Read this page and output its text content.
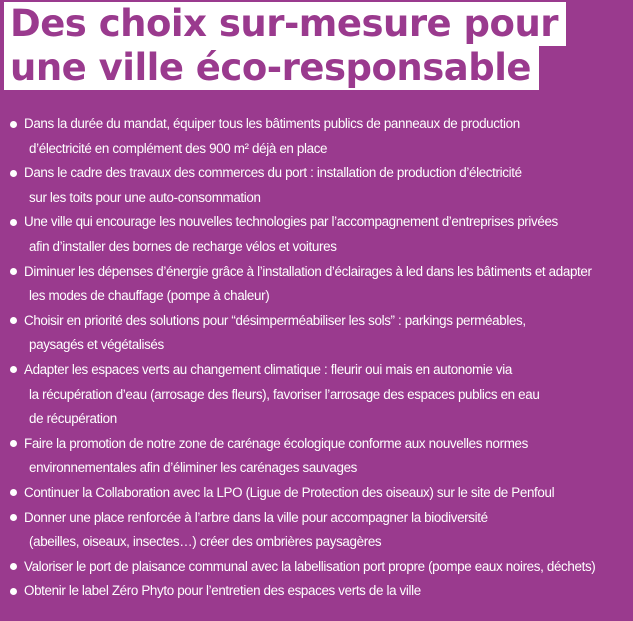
Des choix sur-mesure pour
une ville éco-responsable
Dans la durée du mandat, équiper tous les bâtiments publics de panneaux de production
d’électricité en complément des 900 m² déjà en place
Dans le cadre des travaux des commerces du port : installation de production d’électricité
sur les toits pour une auto-consommation
Une ville qui encourage les nouvelles technologies par l’accompagnement d’entreprises privées
afin d’installer des bornes de recharge vélos et voitures
Diminuer les dépenses d’énergie grâce à l’installation d’éclairages à led dans les bâtiments et adapter
les modes de chauffage (pompe à chaleur)
Choisir en priorité des solutions pour “désimperméabiliser les sols” : parkings perméables,
paysagés et végétalisés
Adapter les espaces verts au changement climatique : fleurir oui mais en autonomie via
la récupération d’eau (arrosage des fleurs), favoriser l’arrosage des espaces publics en eau
de récupération
Faire la promotion de notre zone de carénage écologique conforme aux nouvelles normes
environnementales afin d’éliminer les carénages sauvages
Continuer la Collaboration avec la LPO (Ligue de Protection des oiseaux) sur le site de Penfoul
Donner une place renforcée à l’arbre dans la ville pour accompagner la biodiversité
(abeilles, oiseaux, insectes…) créer des ombrières paysagères
Valoriser le port de plaisance communal avec la labellisation port propre (pompe eaux noires, déchets)
Obtenir le label Zéro Phyto pour l’entretien des espaces verts de la ville
